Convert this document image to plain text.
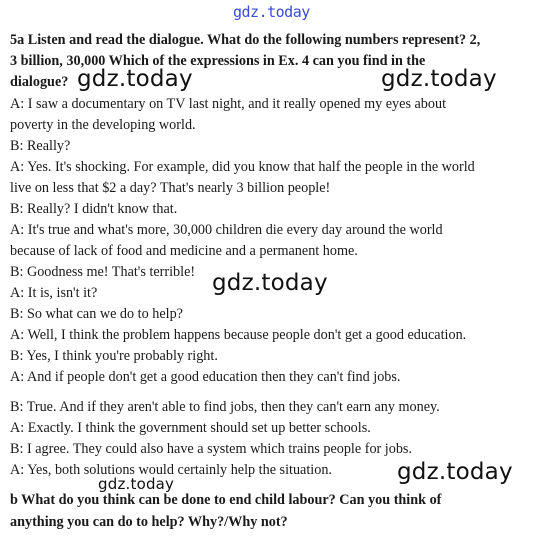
gdz.today
5a Listen and read the dialogue. What do the following numbers represent? 2,
3 billion, 30,000 Which of the expressions in Ex. 4 can you find in the
dialogue? gdz.today	gdz.today
A: I saw a documentary on TV last night, and it really opened my eyes about
poverty in the developing world.
B: Really?
A: Yes. It's shocking. For example, did you know that half the people in the world
live on less that $2 a day? That's nearly 3 billion people!
B: Really? I didn't know that.
A: It's true and what's more, 30,000 children die every day around the world
because of lack of food and medicine and a permanent home.
B: Goodness me! That's terrible!
A: It is, isn't it?
B: So what can we do to help?
A: Well, I think the problem happens because people don't get a good education.
B: Yes, I think you're probably right.
A: And if people don't get a good education then they can't find jobs.
B: True. And if they aren't able to find jobs, then they can't earn any money.
A: Exactly. I think the government should set up better schools.
B: I agree. They could also have a system which trains people for jobs.
A: Yes, both solutions would certainly help the situation.
gdz.today
gdz.today
gdz.today
b What do you think can be done to end child labour? Can you think of
anything you can do to help? Why?/Why not?
